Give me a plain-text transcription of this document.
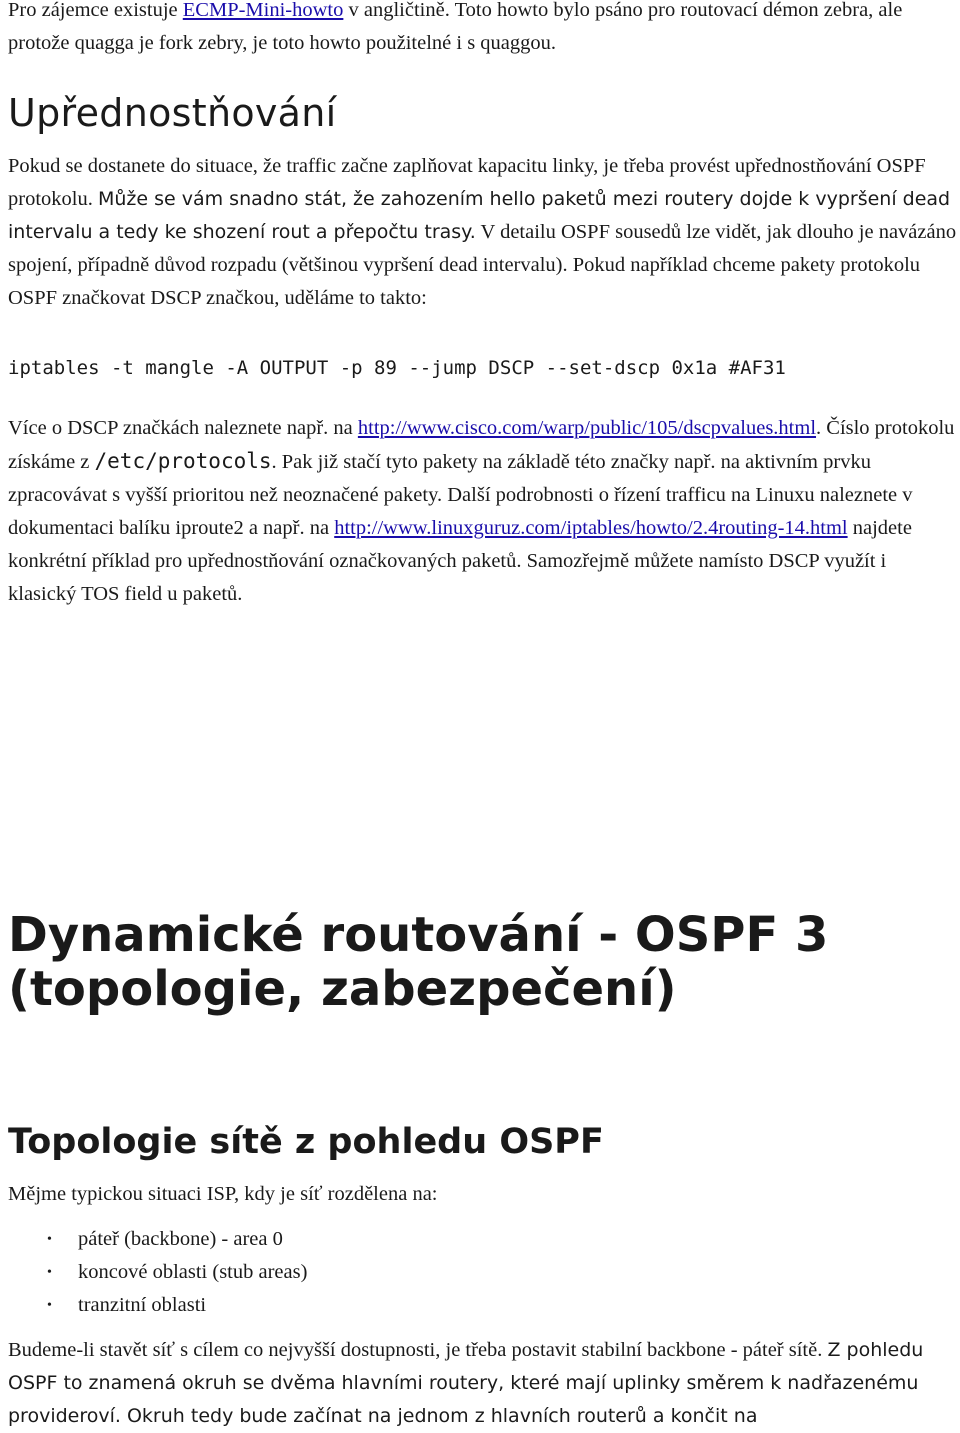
Pro zájemce existuje ECMP-Mini-howto v angličtině. Toto howto bylo psáno pro routovací démon zebra, ale protože quagga je fork zebry, je toto howto použitelné i s quaggou.

Upřednostňování

Pokud se dostanete do situace, že traffic začne zaplňovat kapacitu linky, je třeba provést upřednostňování OSPF protokolu. Může se vám snadno stát, že zahozením hello paketů mezi routery dojde k vypršení dead intervalu a tedy ke shození rout a přepočtu trasy. V detailu OSPF sousedů lze vidět, jak dlouho je navázáno spojení, případně důvod rozpadu (většinou vypršení dead intervalu). Pokud například chceme pakety protokolu OSPF značkovat DSCP značkou, uděláme to takto:

iptables -t mangle -A OUTPUT -p 89 --jump DSCP --set-dscp 0x1a #AF31

Více o DSCP značkách naleznete např. na http://www.cisco.com/warp/public/105/dscpvalues.html. Číslo protokolu získáme z /etc/protocols. Pak již stačí tyto pakety na základě této značky např. na aktivním prvku zpracovávat s vyšší prioritou než neoznačené pakety. Další podrobnosti o řízení trafficu na Linuxu naleznete v dokumentaci balíku iproute2 a např. na http://www.linuxguruz.com/iptables/howto/2.4routing-14.html najdete konkrétní příklad pro upřednostňování označkovaných paketů. Samozřejmě můžete namísto DSCP využít i klasický TOS field u paketů.

Dynamické routování - OSPF 3 (topologie, zabezpečení)
Topologie sítě z pohledu OSPF

Mějme typickou situaci ISP, kdy je síť rozdělena na:

• páteř (backbone) - area 0
• koncové oblasti (stub areas)
• tranzitní oblasti

Budeme-li stavět síť s cílem co nejvyšší dostupnosti, je třeba postavit stabilní backbone - páteř sítě. Z pohledu OSPF to znamená okruh se dvěma hlavními routery, které mají uplinky směrem k nadřazenému provideroví. Okruh tedy bude začínat na jednom z hlavních routerů a končit na
